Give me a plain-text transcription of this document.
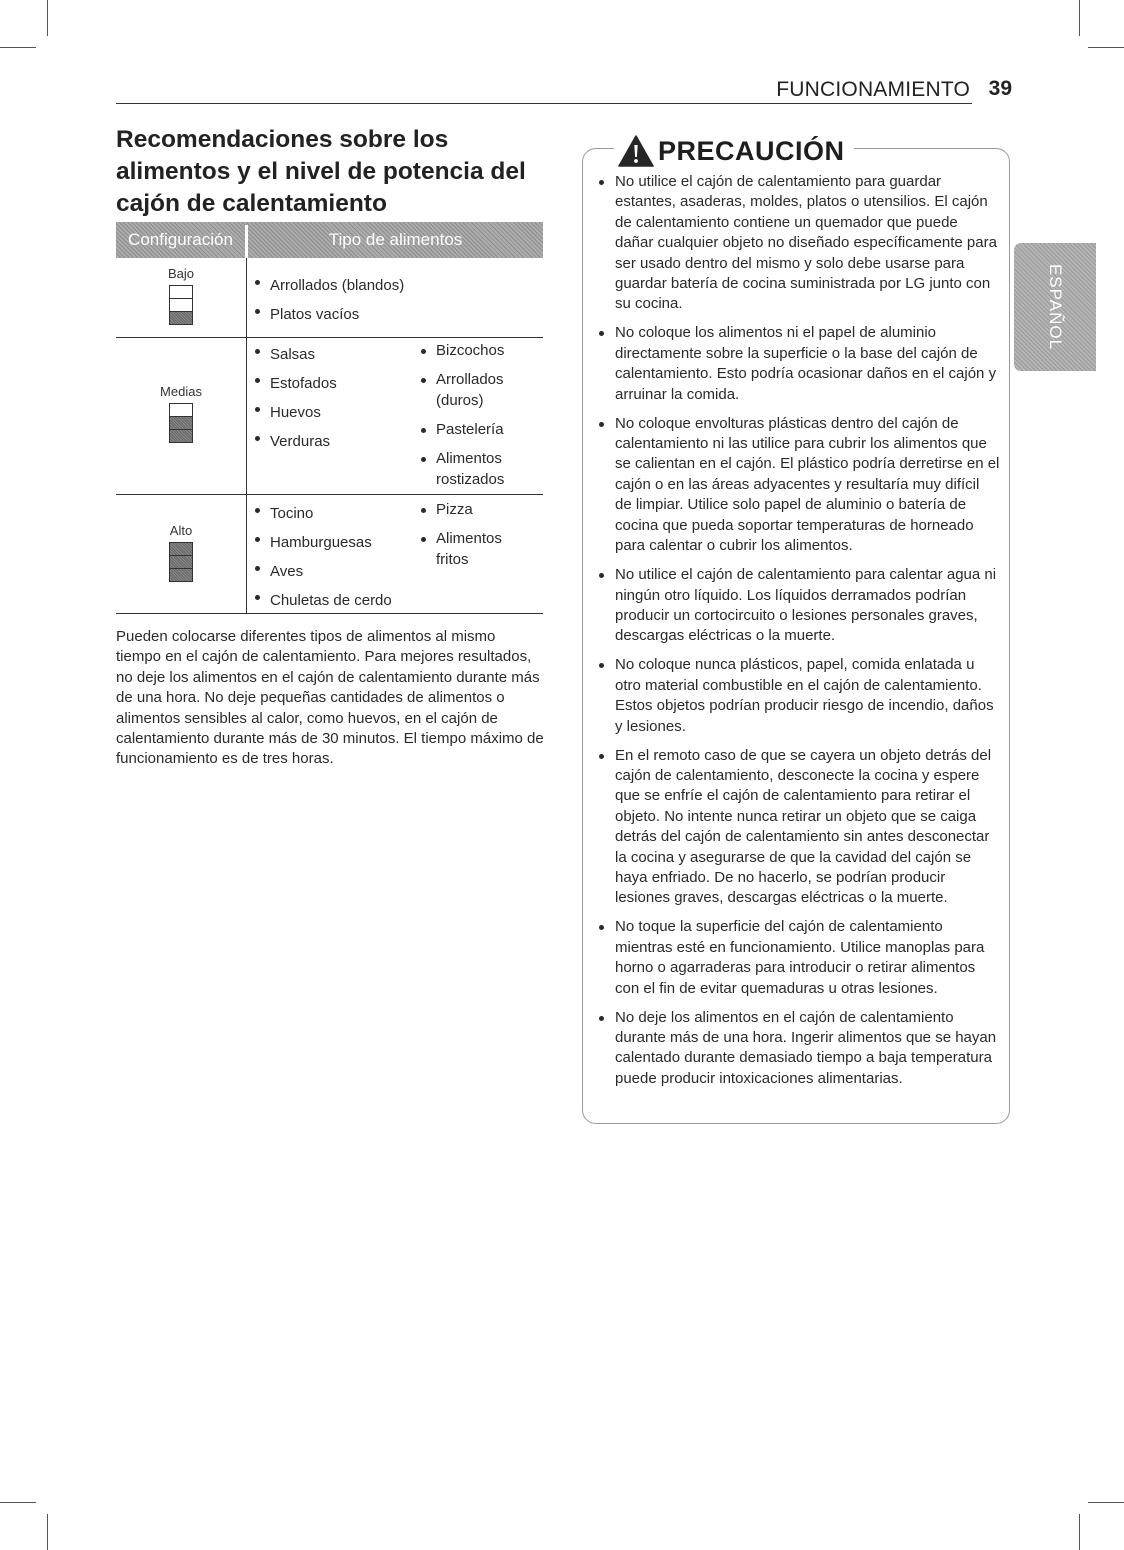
FUNCIONAMIENTO 39
ESPAÑOL
Recomendaciones sobre los alimentos y el nivel de potencia del cajón de calentamiento
Configuración	Tipo de alimentos
Bajo
Arrollados (blandos)
Platos vacíos
Medias
Salsas
Estofados
Huevos
Verduras
Bizcochos
Arrollados (duros)
Pastelería
Alimentos rostizados
Alto
Tocino
Hamburguesas
Aves
Chuletas de cerdo
Pizza
Alimentos fritos

Pueden colocarse diferentes tipos de alimentos al mismo tiempo en el cajón de calentamiento. Para mejores resultados, no deje los alimentos en el cajón de calentamiento durante más de una hora. No deje pequeñas cantidades de alimentos o alimentos sensibles al calor, como huevos, en el cajón de calentamiento durante más de 30 minutos. El tiempo máximo de funcionamiento es de tres horas.

PRECAUCIÓN
No utilice el cajón de calentamiento para guardar estantes, asaderas, moldes, platos o utensilios. El cajón de calentamiento contiene un quemador que puede dañar cualquier objeto no diseñado específicamente para ser usado dentro del mismo y solo debe usarse para guardar batería de cocina suministrada por LG junto con su cocina.
No coloque los alimentos ni el papel de aluminio directamente sobre la superficie o la base del cajón de calentamiento. Esto podría ocasionar daños en el cajón y arruinar la comida.
No coloque envolturas plásticas dentro del cajón de calentamiento ni las utilice para cubrir los alimentos que se calientan en el cajón. El plástico podría derretirse en el cajón o en las áreas adyacentes y resultaría muy difícil de limpiar. Utilice solo papel de aluminio o batería de cocina que pueda soportar temperaturas de horneado para calentar o cubrir los alimentos.
No utilice el cajón de calentamiento para calentar agua ni ningún otro líquido. Los líquidos derramados podrían producir un cortocircuito o lesiones personales graves, descargas eléctricas o la muerte.
No coloque nunca plásticos, papel, comida enlatada u otro material combustible en el cajón de calentamiento. Estos objetos podrían producir riesgo de incendio, daños y lesiones.
En el remoto caso de que se cayera un objeto detrás del cajón de calentamiento, desconecte la cocina y espere que se enfríe el cajón de calentamiento para retirar el objeto. No intente nunca retirar un objeto que se caiga detrás del cajón de calentamiento sin antes desconectar la cocina y asegurarse de que la cavidad del cajón se haya enfriado. De no hacerlo, se podrían producir lesiones graves, descargas eléctricas o la muerte.
No toque la superficie del cajón de calentamiento mientras esté en funcionamiento. Utilice manoplas para horno o agarraderas para introducir o retirar alimentos con el fin de evitar quemaduras u otras lesiones.
No deje los alimentos en el cajón de calentamiento durante más de una hora. Ingerir alimentos que se hayan calentado durante demasiado tiempo a baja temperatura puede producir intoxicaciones alimentarias.
